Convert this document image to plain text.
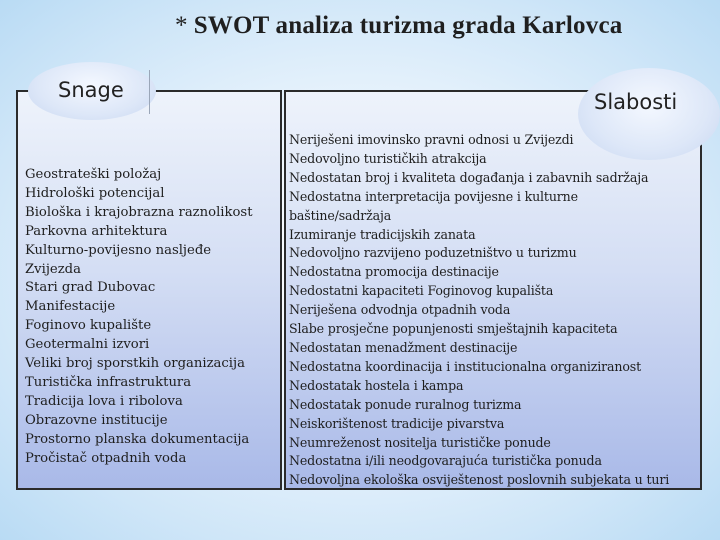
* SWOT analiza turizma grada Karlovca
Snage	Slabosti
Geostrateški položaj
Hidrološki potencijal
Biološka i krajobrazna raznolikost
Parkovna arhitektura
Kulturno-povijesno nasljeđe
Zvijezda
Stari grad Dubovac
Manifestacije
Foginovo kupalište
Geotermalni izvori
Veliki broj sporstkih organizacija
Turistička infrastruktura
Tradicija lova i ribolova
Obrazovne institucije
Prostorno planska dokumentacija
Pročistač otpadnih voda
Neriješeni imovinsko pravni odnosi u Zvijezdi
Nedovoljno turističkih atrakcija
Nedostatan broj i kvaliteta događanja i zabavnih sadržaja
Nedostatna interpretacija povijesne i kulturne
baštine/sadržaja
Izumiranje tradicijskih zanata
Nedovoljno razvijeno poduzetništvo u turizmu
Nedostatna promocija destinacije
Nedostatni kapaciteti Foginovog kupališta
Neriješena odvodnja otpadnih voda
Slabe prosječne popunjenosti smještajnih kapaciteta
Nedostatan menadžment destinacije
Nedostatna koordinacija i institucionalna organiziranost
Nedostatak hostela i kampa
Nedostatak ponude ruralnog turizma
Neiskorištenost tradicije pivarstva
Neumreženost nositelja turističke ponude
Nedostatna i/ili neodgovarajuća turistička ponuda
Nedovoljna ekološka osviještenost poslovnih subjekata u turi
